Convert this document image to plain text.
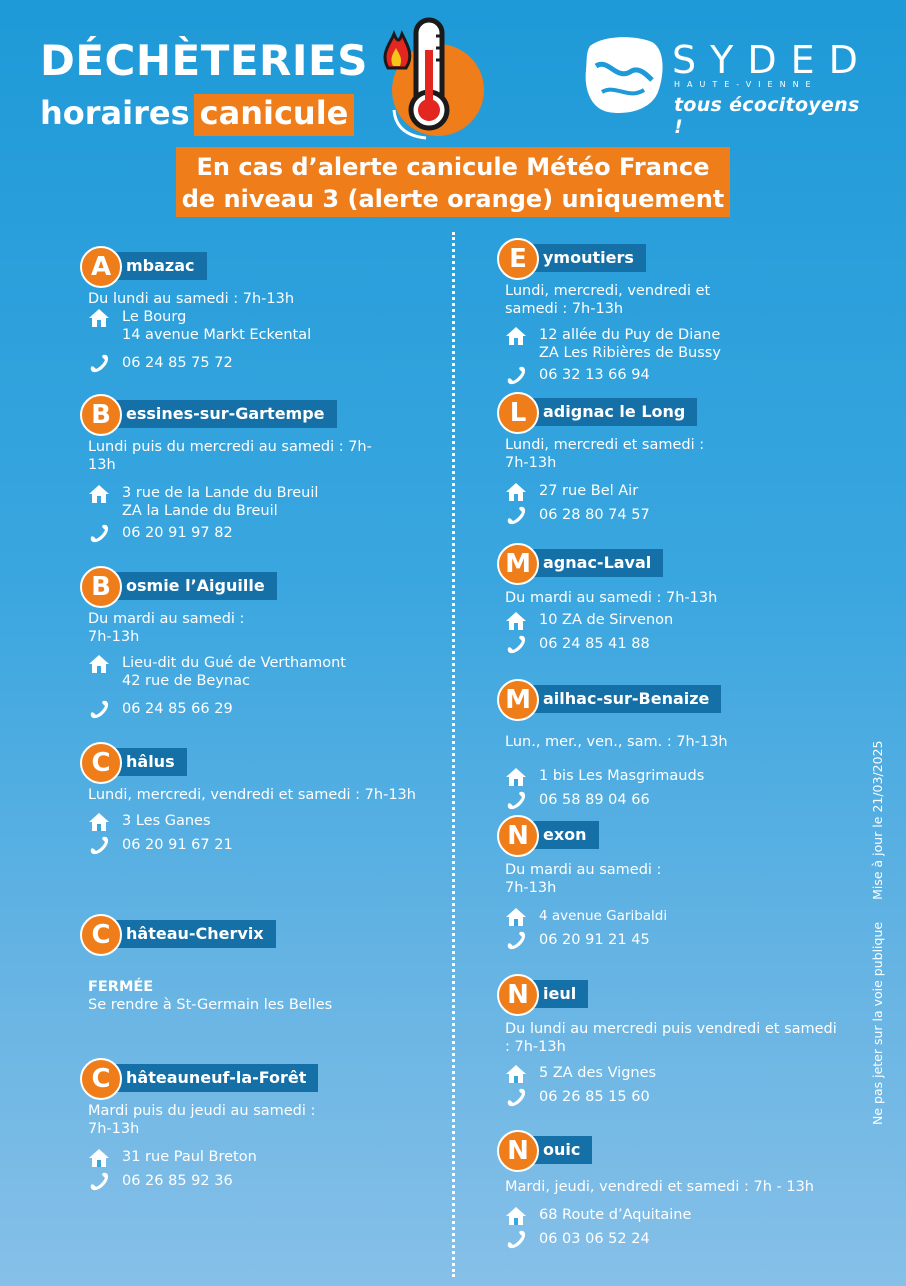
DÉCHÈTERIES
horaires canicule
SYDED
HAUTE-VIENNE
tous écocitoyens !
En cas d’alerte canicule Météo France
de niveau 3 (alerte orange) uniquement
A mbazac
Du lundi au samedi : 7h-13h
Le Bourg
14 avenue Markt Eckental
06 24 85 75 72
B essines-sur-Gartempe
Lundi puis du mercredi au samedi : 7h-13h
3 rue de la Lande du Breuil
ZA la Lande du Breuil
06 20 91 97 82
B osmie l’Aiguille
Du mardi au samedi : 7h-13h
Lieu-dit du Gué de Verthamont
42 rue de Beynac
06 24 85 66 29
C hâlus
Lundi, mercredi, vendredi et samedi : 7h-13h
3 Les Ganes
06 20 91 67 21
C hâteau-Chervix
FERMÉE
Se rendre à St-Germain les Belles
C hâteauneuf-la-Forêt
Mardi puis du jeudi au samedi : 7h-13h
31 rue Paul Breton
06 26 85 92 36
E	ymoutiers
Lundi, mercredi, vendredi et samedi : 7h-13h
12 allée du Puy de Diane
ZA Les Ribières de Bussy
06 32 13 66 94
L	adignac le Long
Lundi, mercredi et samedi : 7h-13h
27 rue Bel Air
06 28 80 74 57
M agnac-Laval
Du mardi au samedi : 7h-13h
10 ZA de Sirvenon
06 24 85 41 88
M ailhac-sur-Benaize
Lun., mer., ven., sam. : 7h-13h
1 bis Les Masgrimauds
06 58 89 04 66
N exon
Du mardi au samedi : 7h-13h
4 avenue Garibaldi
06 20 91 21 45
N ieul
Du lundi au mercredi puis vendredi et samedi : 7h-13h
5 ZA des Vignes
06 26 85 15 60
N ouic
Mardi, jeudi, vendredi et samedi : 7h - 13h
68 Route d’Aquitaine
06 03 06 52 24
Ne pas jeter sur la voie publique Mise à jour le 21/03/2025
